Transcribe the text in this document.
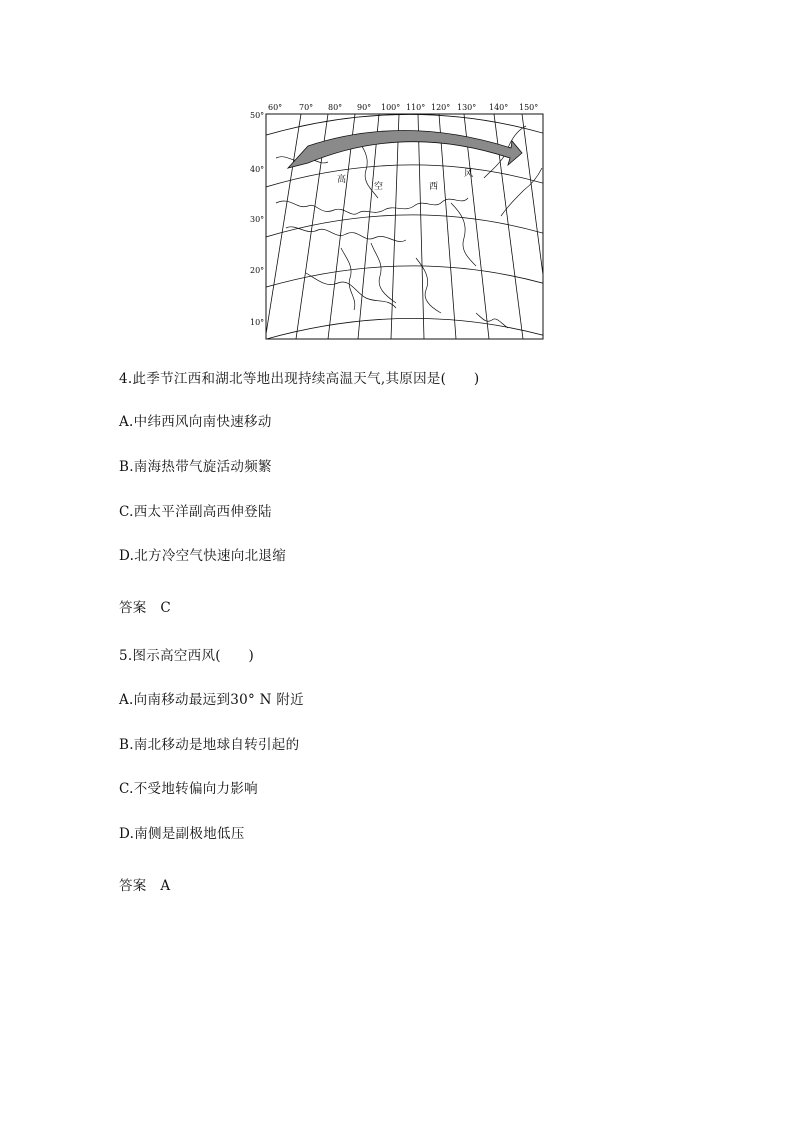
60° 70° 80° 90° 100° 110° 120° 130° 140° 150°
50°
40°
30°
20°
10°
高
空	西
风
4.此季节江西和湖北等地出现持续高温天气,其原因是(　　)
A.中纬西风向南快速移动
B.南海热带气旋活动频繁
C.西太平洋副高西伸登陆
D.北方冷空气快速向北退缩
答案　C
5.图示高空西风(　　)
A.向南移动最远到30° N 附近
B.南北移动是地球自转引起的
C.不受地转偏向力影响
D.南侧是副极地低压
答案　A
